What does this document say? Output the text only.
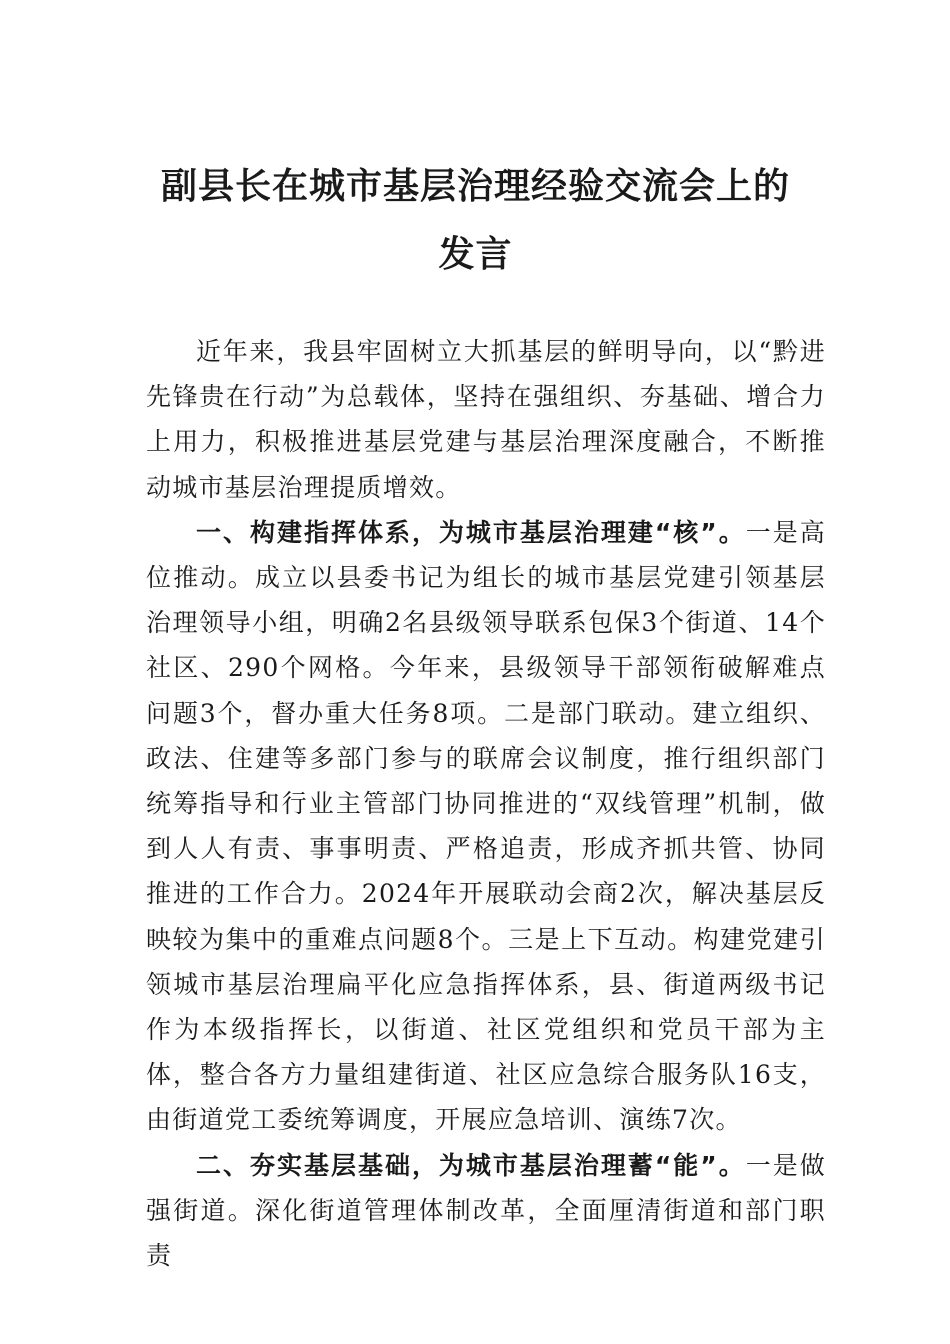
副县长在城市基层治理经验交流会上的发言

近年来，我县牢固树立大抓基层的鲜明导向，以“黔进先锋贵在行动”为总载体，坚持在强组织、夯基础、增合力上用力，积极推进基层党建与基层治理深度融合，不断推动城市基层治理提质增效。

一、构建指挥体系，为城市基层治理建“核”。一是高位推动。成立以县委书记为组长的城市基层党建引领基层治理领导小组，明确2名县级领导联系包保3个街道、14个社区、290个网格。今年来，县级领导干部领衔破解难点问题3个，督办重大任务8项。二是部门联动。建立组织、政法、住建等多部门参与的联席会议制度，推行组织部门统筹指导和行业主管部门协同推进的“双线管理”机制，做到人人有责、事事明责、严格追责，形成齐抓共管、协同推进的工作合力。2024年开展联动会商2次，解决基层反映较为集中的重难点问题8个。三是上下互动。构建党建引领城市基层治理扁平化应急指挥体系，县、街道两级书记作为本级指挥长，以街道、社区党组织和党员干部为主体，整合各方力量组建街道、社区应急综合服务队16支，由街道党工委统筹调度，开展应急培训、演练7次。

二、夯实基层基础，为城市基层治理蓄“能”。一是做强街道。深化街道管理体制改革，全面厘清街道和部门职责
